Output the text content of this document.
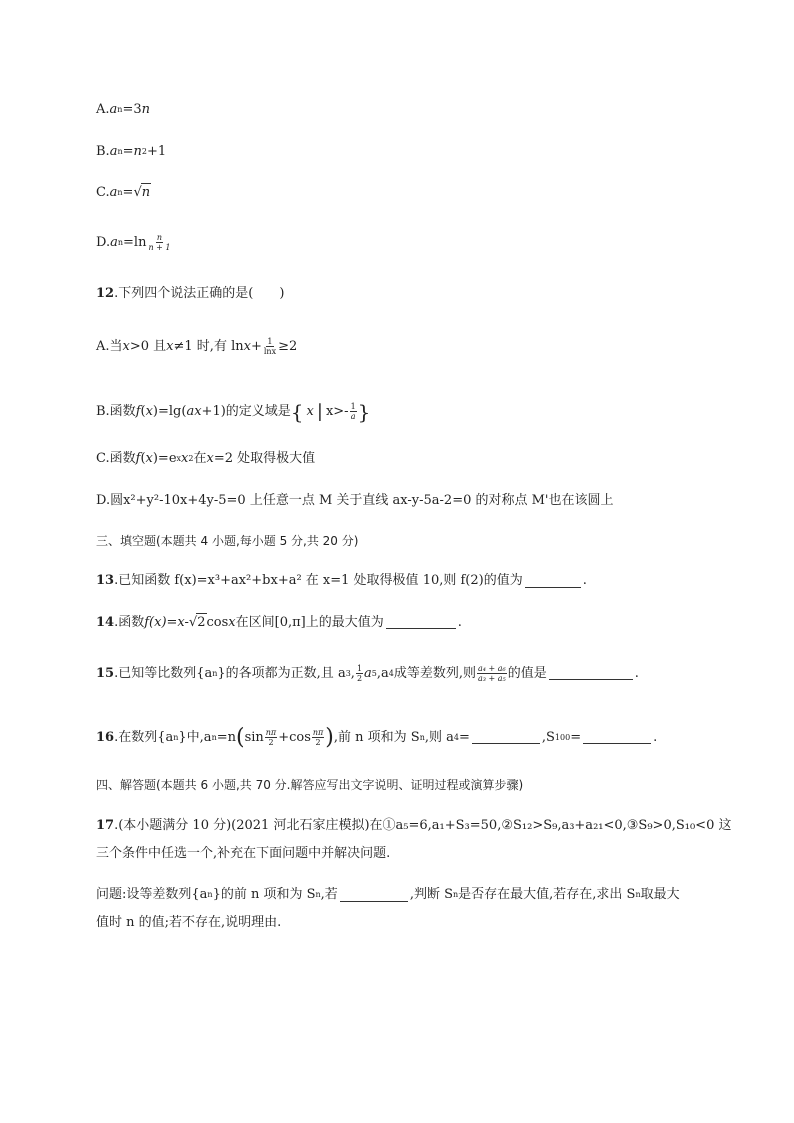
A. a n =3 n
B. a n = n 2 +1
C. a n = √ n
D. a $n =\ln \frac{n}{n + 1}$
12 .下列四个说法正确的是( )
A.当 x >0 且 x ≠1 时,有 $\ln x + \frac{1}{\ln x} \ge 2$
B.函数 f ( x )=lg( a x +1)的定义域是 { x | $x>- \frac{1}{a}$ }
C.函数 f ( x )=e x x 2 在 x =2 处取得极大值
D.圆 x²+y²-10x+4y-5=0 上任意一点 M 关于直线 ax-y-5a-2=0 的对称点 M'也在该圆上
三、填空题(本题共 4 小题,每小题 5 分,共 20 分)
13 .已知函数 f(x)=x³+ax²+bx+a² 在 x=1 处取得极值 10,则 f(2)的值为	.
14 .函数 f(x)=x- √ 2 cos x 在区间[0,π]上的最大值为	.
15 .已知等比数列{a n }的各项都为正数,且 a 3 , $\frac{1}{2}$ a 5 ,a 4 成等差数列,则 $\frac{\text{a₄ + a₆}}{\text{a₃ + a₅}}$ 的值是	.
16 .在数列{a n }中,a n =n ( $\sin \frac{n\pi}{2} +\cos \frac{n\pi}{2}$ ) ,前 n 项和为 S n ,则 a 4 =	,S 100 =	.
四、解答题(本题共 6 小题,共 70 分.解答应写出文字说明、证明过程或演算步骤)
17 .(本小题满分 10 分)(2021 河北石家庄模拟)在①a₅=6,a₁+S₃=50,②S₁₂>S₉,a₃+a₂₁<0,③S₉>0,S₁₀<0 这
三个条件中任选一个,补充在下面问题中并解决问题.
问题:设等差数列{a n }的前 n 项和为 S n ,若	,判断 S n 是否存在最大值,若存在,求出 S n 取最大
值时 n 的值;若不存在,说明理由.
